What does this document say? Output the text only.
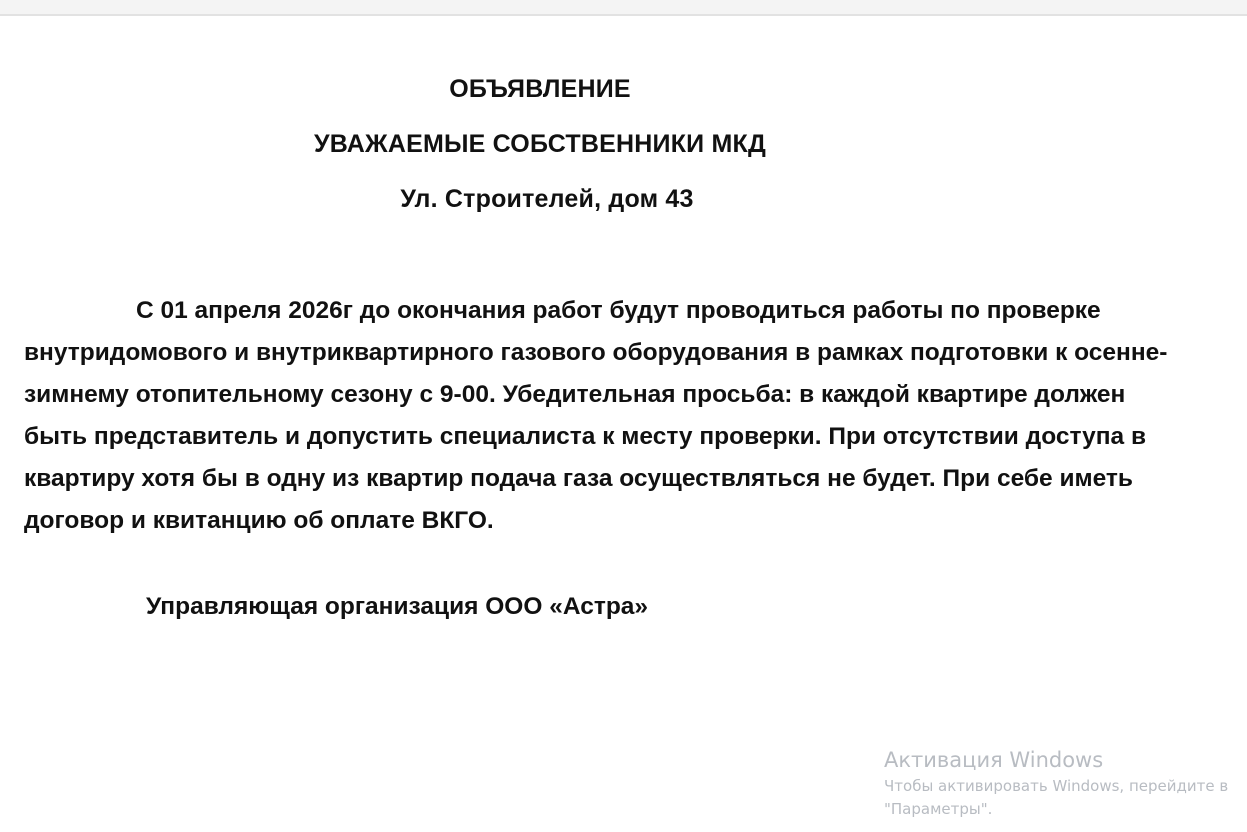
ОБЪЯВЛЕНИЕ
УВАЖАЕМЫЕ СОБСТВЕННИКИ МКД
Ул. Строителей, дом 43

С 01 апреля 2026г до окончания работ будут проводиться работы по проверке внутридомового и внутриквартирного газового оборудования в рамках подготовки к осенне-зимнему отопительному сезону с 9-00. Убедительная просьба: в каждой квартире должен быть представитель и допустить специалиста к месту проверки. При отсутствии доступа в квартиру хотя бы в одну из квартир подача газа осуществляться не будет. При себе иметь договор и квитанцию об оплате ВКГО.

Управляющая организация ООО «Астра»
Активация Windows
Чтобы активировать Windows, перейдите в
"Параметры".
